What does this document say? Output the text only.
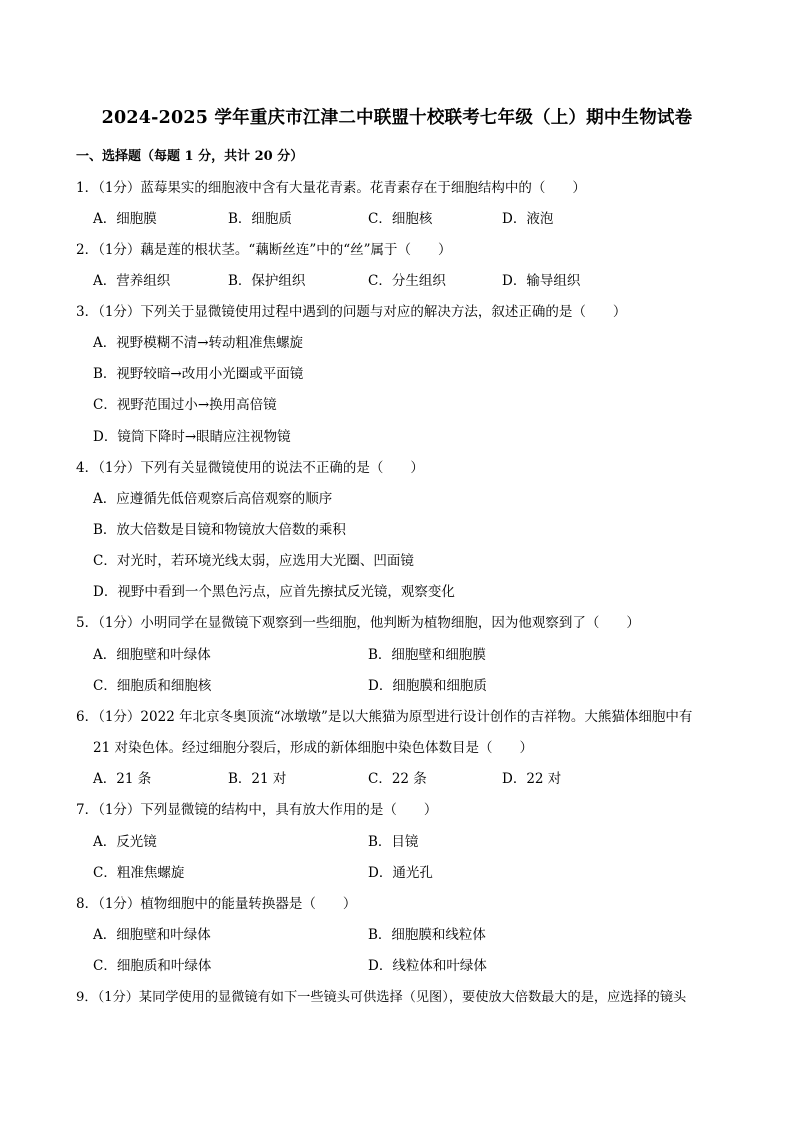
2024-2025 学年重庆市江津二中联盟十校联考七年级（上）期中生物试卷
一、选择题（每题 1 分，共计 20 分）
1．（1分）蓝莓果实的细胞液中含有大量花青素。花青素存在于细胞结构中的（　　）
A．细胞膜	B．细胞质	C．细胞核	D．液泡
2．（1分）藕是莲的根状茎。“藕断丝连”中的“丝”属于（　　）
A．营养组织	B．保护组织	C．分生组织	D．输导组织
3．（1分）下列关于显微镜使用过程中遇到的问题与对应的解决方法，叙述正确的是（　　）
A．视野模糊不清→转动粗准焦螺旋
B．视野较暗→改用小光圈或平面镜
C．视野范围过小→换用高倍镜
D．镜筒下降时→眼睛应注视物镜
4．（1分）下列有关显微镜使用的说法不正确的是（　　）
A．应遵循先低倍观察后高倍观察的顺序
B．放大倍数是目镜和物镜放大倍数的乘积
C．对光时，若环境光线太弱，应选用大光圈、凹面镜
D．视野中看到一个黑色污点，应首先擦拭反光镜，观察变化
5．（1分）小明同学在显微镜下观察到一些细胞，他判断为植物细胞，因为他观察到了（　　）
A．细胞壁和叶绿体	B．细胞壁和细胞膜
C．细胞质和细胞核	D．细胞膜和细胞质
6．（1分）2022 年北京冬奥顶流“冰墩墩”是以大熊猫为原型进行设计创作的吉祥物。大熊猫体细胞中有
21 对染色体。经过细胞分裂后，形成的新体细胞中染色体数目是（　　）
A．21 条	B．21 对	C．22 条	D．22 对
7．（1分）下列显微镜的结构中，具有放大作用的是（　　）
A．反光镜	B．目镜
C．粗准焦螺旋	D．通光孔
8．（1分）植物细胞中的能量转换器是（　　）
A．细胞壁和叶绿体	B．细胞膜和线粒体
C．细胞质和叶绿体	D．线粒体和叶绿体
9．（1分）某同学使用的显微镜有如下一些镜头可供选择（见图），要使放大倍数最大的是，应选择的镜头
